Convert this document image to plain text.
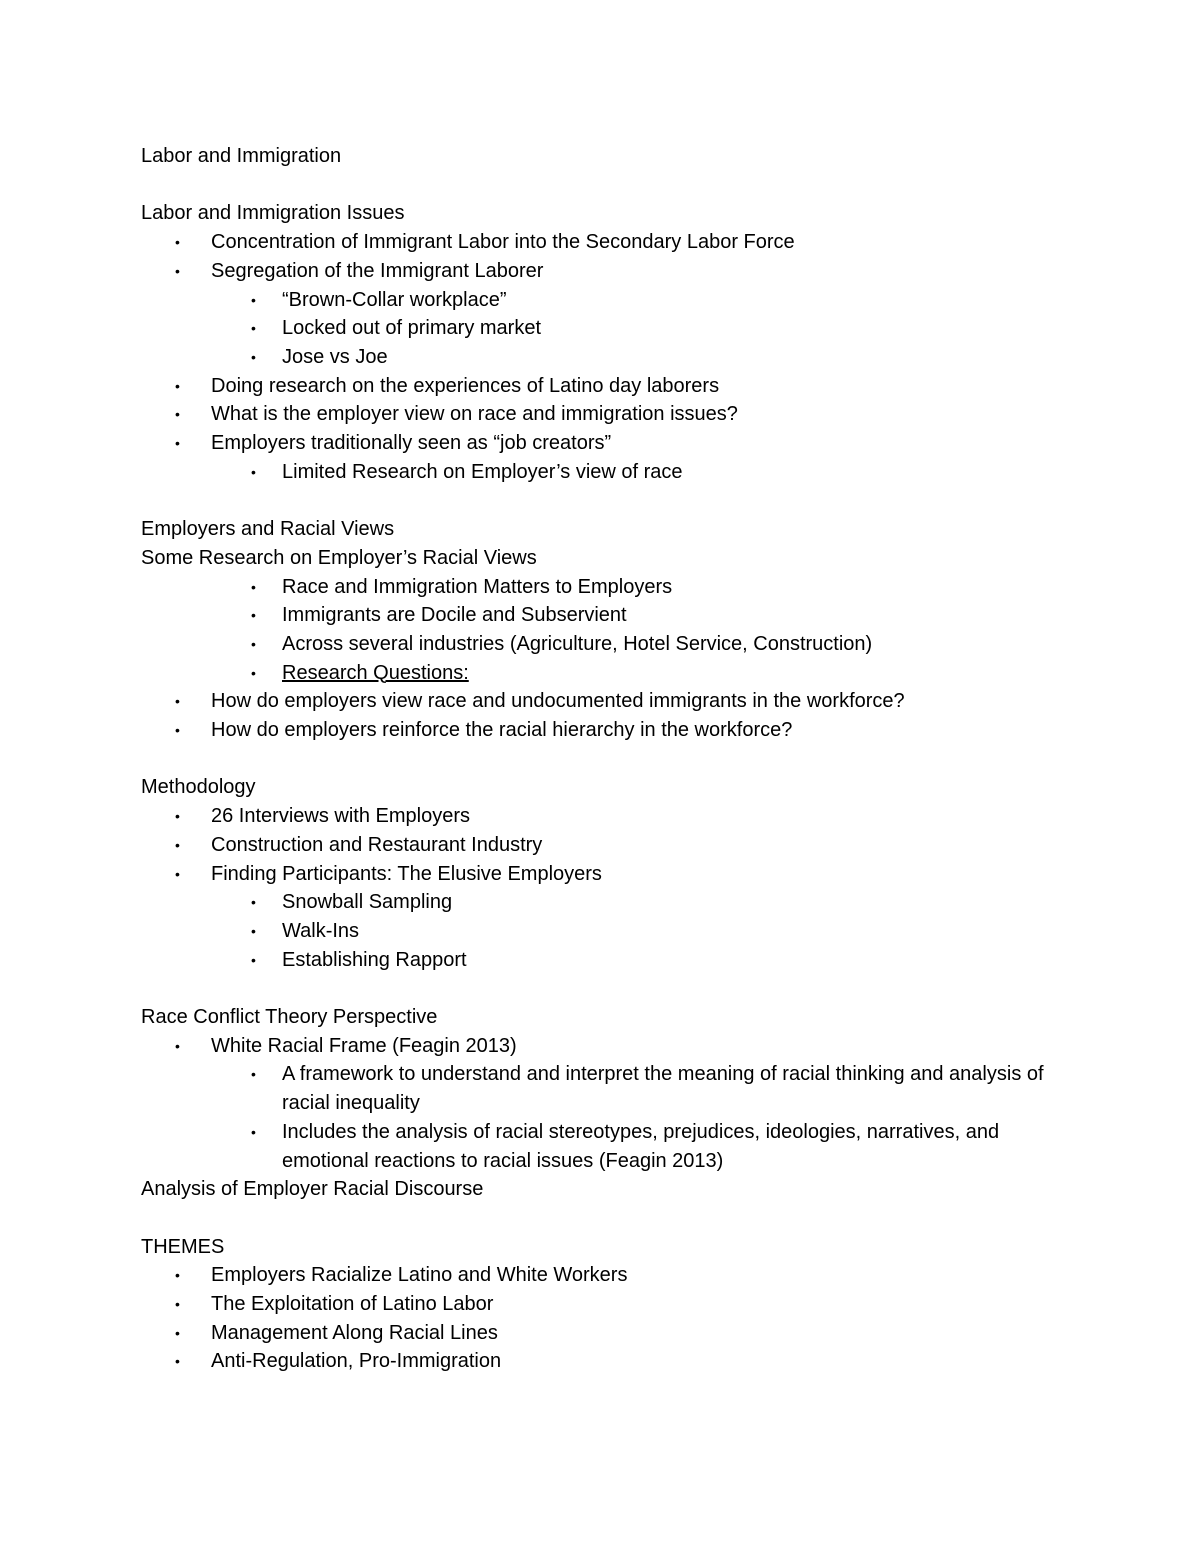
Labor and Immigration
Labor and Immigration Issues
• Concentration of Immigrant Labor into the Secondary Labor Force
• Segregation of the Immigrant Laborer
• “Brown-Collar workplace”
• Locked out of primary market
• Jose vs Joe
• Doing research on the experiences of Latino day laborers
• What is the employer view on race and immigration issues?
• Employers traditionally seen as “job creators”
• Limited Research on Employer’s view of race
Employers and Racial Views
Some Research on Employer’s Racial Views
• Race and Immigration Matters to Employers
• Immigrants are Docile and Subservient
• Across several industries (Agriculture, Hotel Service, Construction)
• Research Questions:
• How do employers view race and undocumented immigrants in the workforce?
• How do employers reinforce the racial hierarchy in the workforce?
Methodology
• 26 Interviews with Employers
• Construction and Restaurant Industry
• Finding Participants: The Elusive Employers
• Snowball Sampling
• Walk-Ins
• Establishing Rapport
Race Conflict Theory Perspective
• White Racial Frame (Feagin 2013)
• A framework to understand and interpret the meaning of racial thinking and analysis of racial inequality
• Includes the analysis of racial stereotypes, prejudices, ideologies, narratives, and emotional reactions to racial issues (Feagin 2013)
Analysis of Employer Racial Discourse
THEMES
• Employers Racialize Latino and White Workers
• The Exploitation of Latino Labor
• Management Along Racial Lines
• Anti-Regulation, Pro-Immigration
